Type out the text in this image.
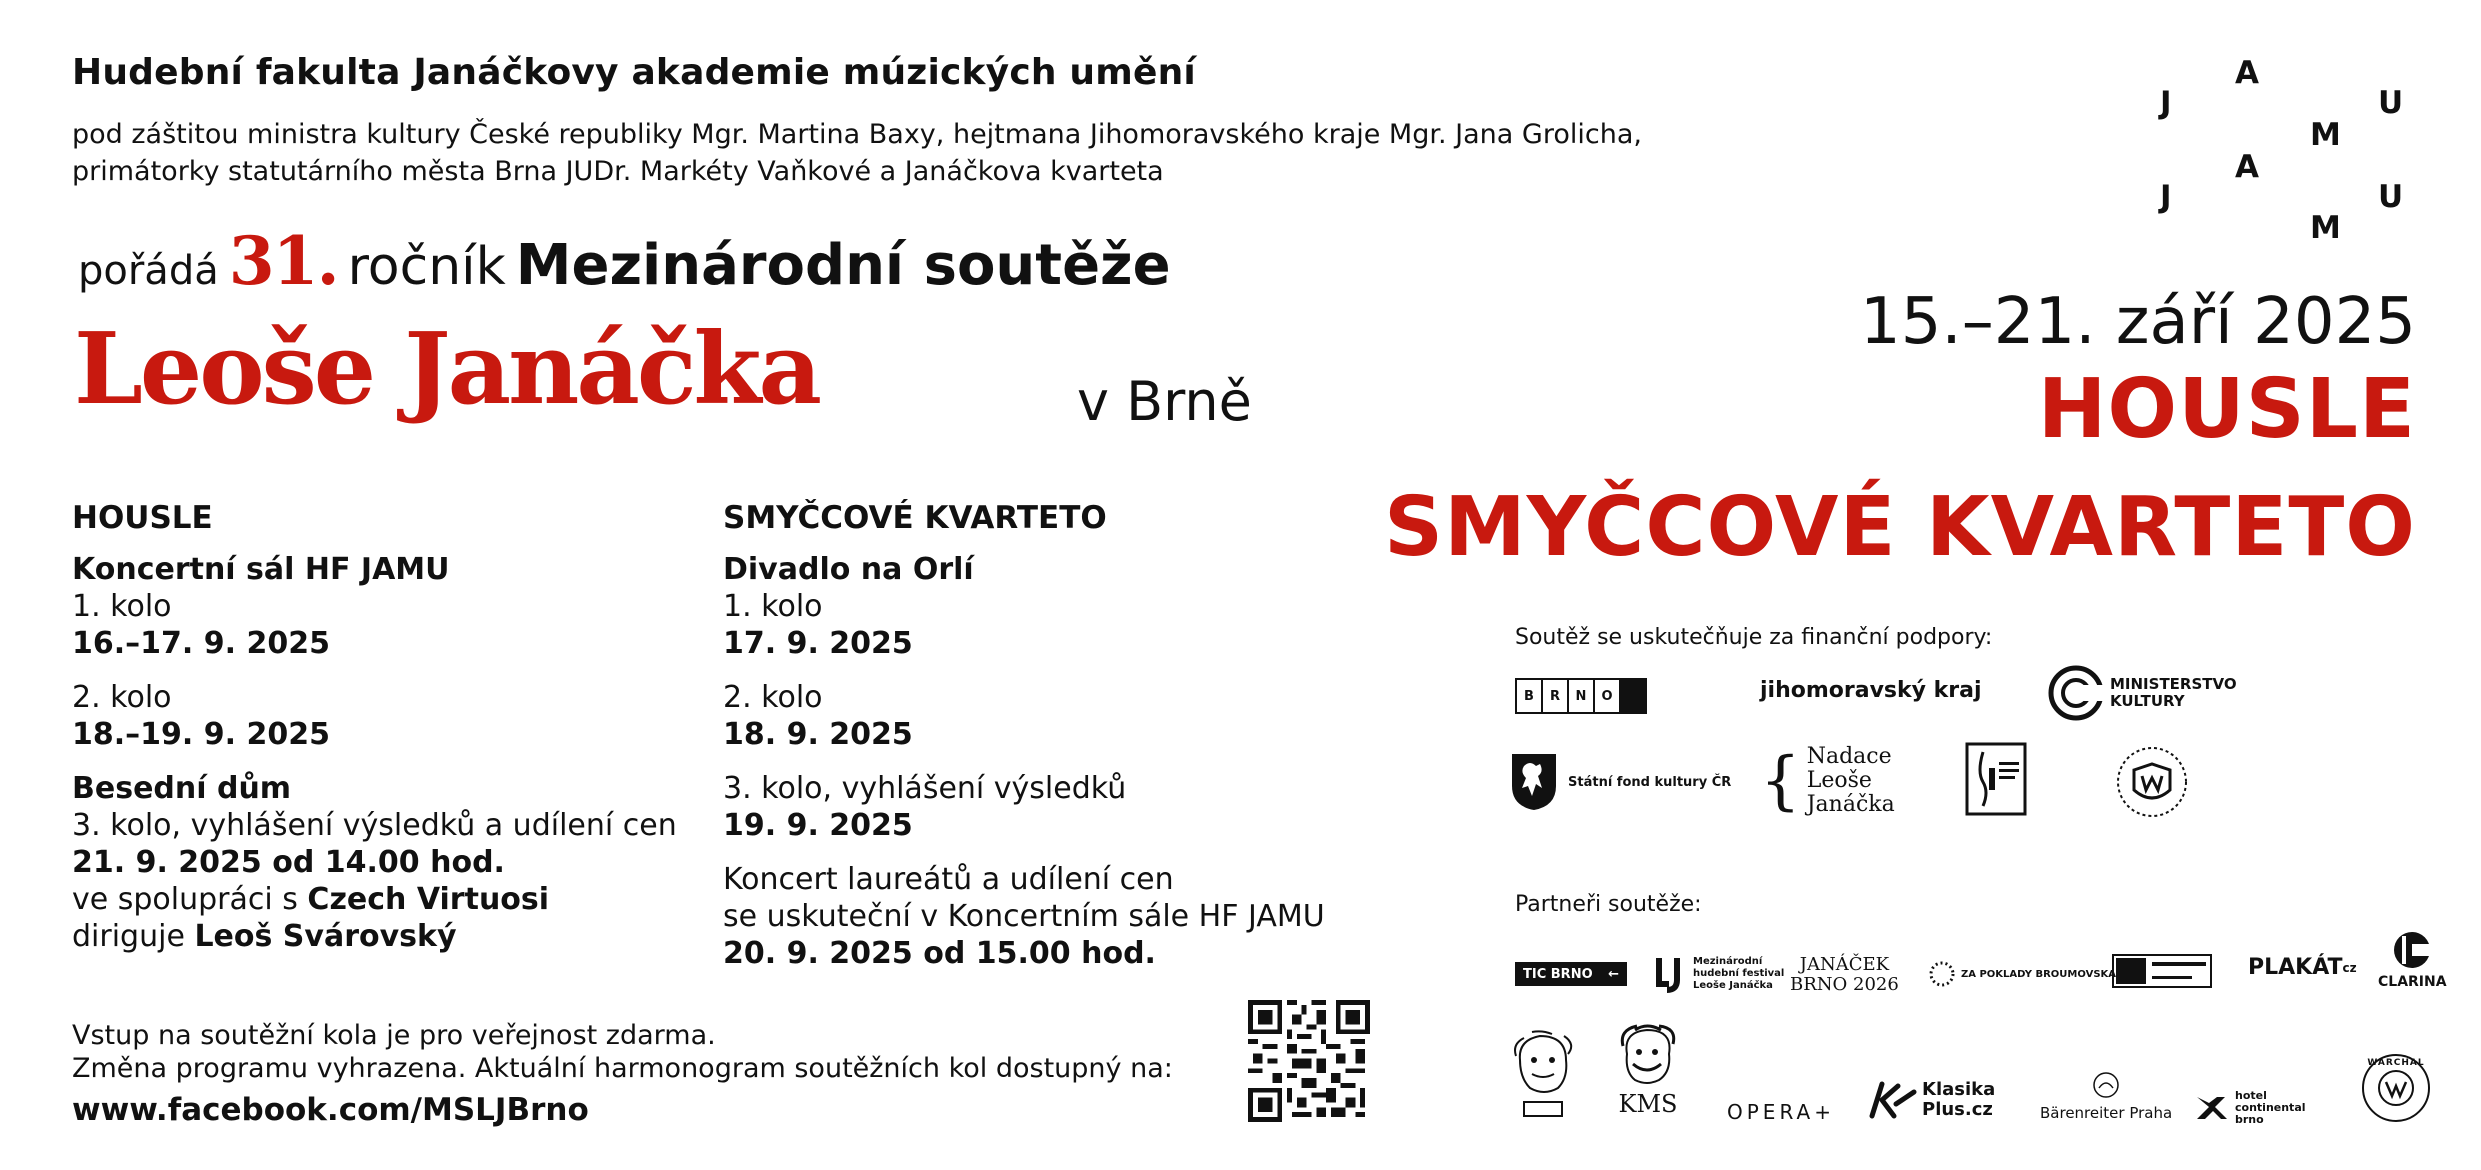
Hudební fakulta Janáčkovy akademie múzických umění
pod záštitou ministra kultury České republiky Mgr. Martina Baxy, hejtmana Jihomoravského kraje Mgr. Jana Grolicha,
primátorky statutárního města Brna JUDr. Markéty Vaňkové a Janáčkova kvarteta
pořádá 31. ročník Mezinárodní soutěže
Leoše Janáčka	v Brně
A
J	U
M
A
J	U
M
15.–21. září 2025
HOUSLE
SMYČCOVÉ KVARTETO
HOUSLE
Koncertní sál HF JAMU
1. kolo
16.–17. 9. 2025
2. kolo
18.–19. 9. 2025
Besední dům
3. kolo, vyhlášení výsledků a udílení cen
21. 9. 2025 od 14.00 hod.
ve spolupráci s Czech Virtuosi
diriguje Leoš Svárovský
SMYČCOVÉ KVARTETO
Divadlo na Orlí
1. kolo
17. 9. 2025
2. kolo
18. 9. 2025
3. kolo, vyhlášení výsledků
19. 9. 2025
Koncert laureátů a udílení cen
se uskuteční v Koncertním sále HF JAMU
20. 9. 2025 od 15.00 hod.
Vstup na soutěžní kola je pro veřejnost zdarma.
Změna programu vyhrazena. Aktuální harmonogram soutěžních kol dostupný na:
www.facebook.com/MSLJBrno
Soutěž se uskutečňuje za finanční podpory:
B	R	N	O	jihomoravský kraj	MINISTERSTVO
KULTURY
Státní fond kultury ČR { Nadace
Leoše
Janáčka
Partneři soutěže:
TIC BRNO ←
Mezinárodní
hudební festival
Leoše Janáčka
JANÁČEK
BRNO 2026	ZA POKLADY BROUMOVSKA	PLAKÁT cz
CLARINA
KMS OPERA+
Klasika
Plus.cz	Bärenreiter Praha
hotel
continental
brno
WARCHAL
